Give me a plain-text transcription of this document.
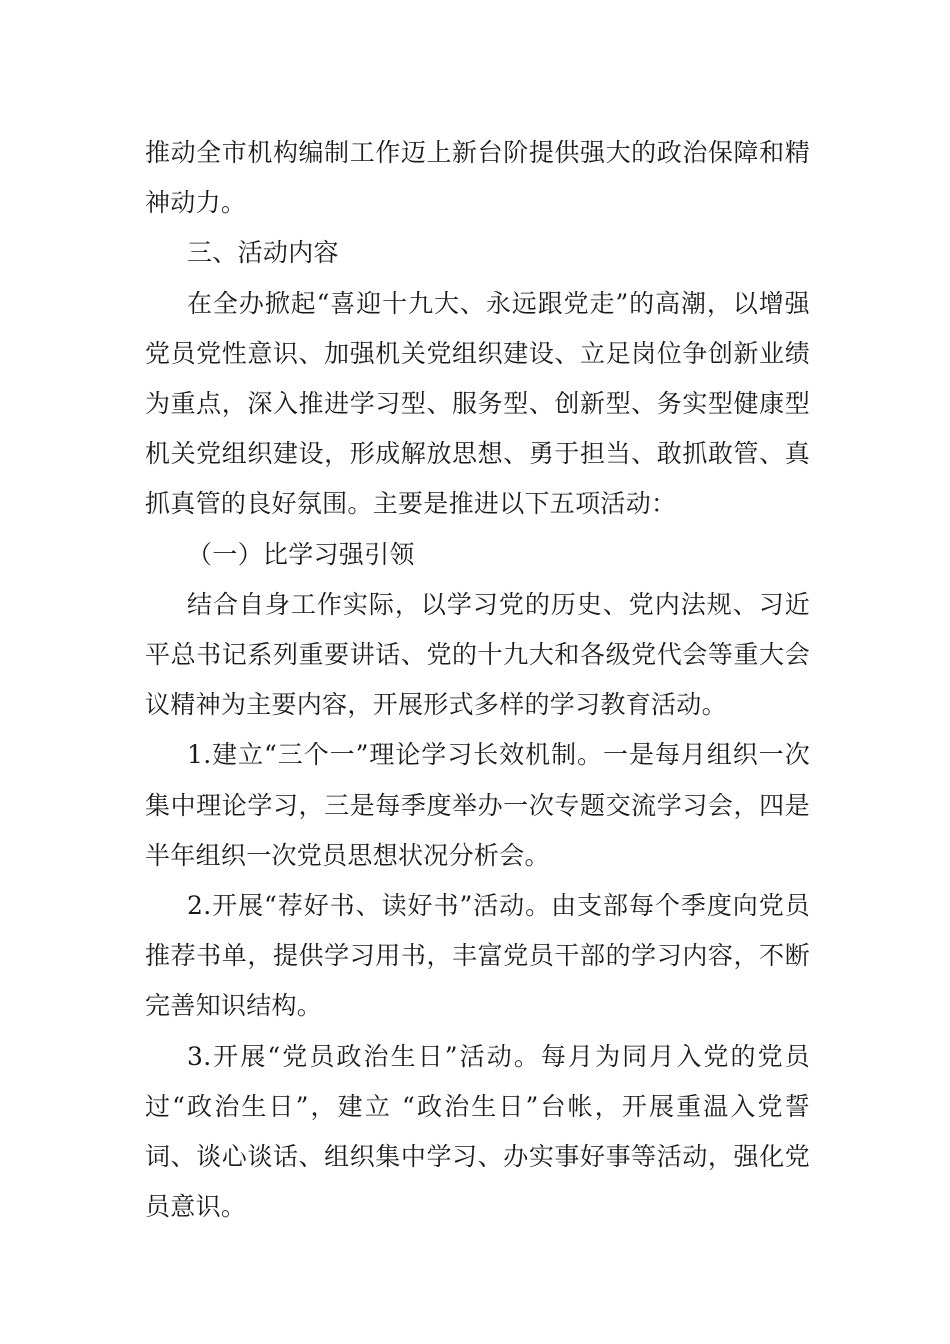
推动全市机构编制工作迈上新台阶提供强大的政治保障和精神动力。

三、活动内容

在全办掀起“喜迎十九大、永远跟党走”的高潮，以增强党员党性意识、加强机关党组织建设、立足岗位争创新业绩为重点，深入推进学习型、服务型、创新型、务实型健康型机关党组织建设，形成解放思想、勇于担当、敢抓敢管、真抓真管的良好氛围。主要是推进以下五项活动：

（一）比学习强引领

结合自身工作实际，以学习党的历史、党内法规、习近平总书记系列重要讲话、党的十九大和各级党代会等重大会议精神为主要内容，开展形式多样的学习教育活动。

1.建立“三个一”理论学习长效机制。一是每月组织一次集中理论学习，三是每季度举办一次专题交流学习会，四是半年组织一次党员思想状况分析会。

2.开展“荐好书、读好书”活动。由支部每个季度向党员推荐书单，提供学习用书，丰富党员干部的学习内容，不断完善知识结构。

3.开展“党员政治生日”活动。每月为同月入党的党员过“政治生日”，建立 “政治生日”台帐，开展重温入党誓词、谈心谈话、组织集中学习、办实事好事等活动，强化党员意识。
